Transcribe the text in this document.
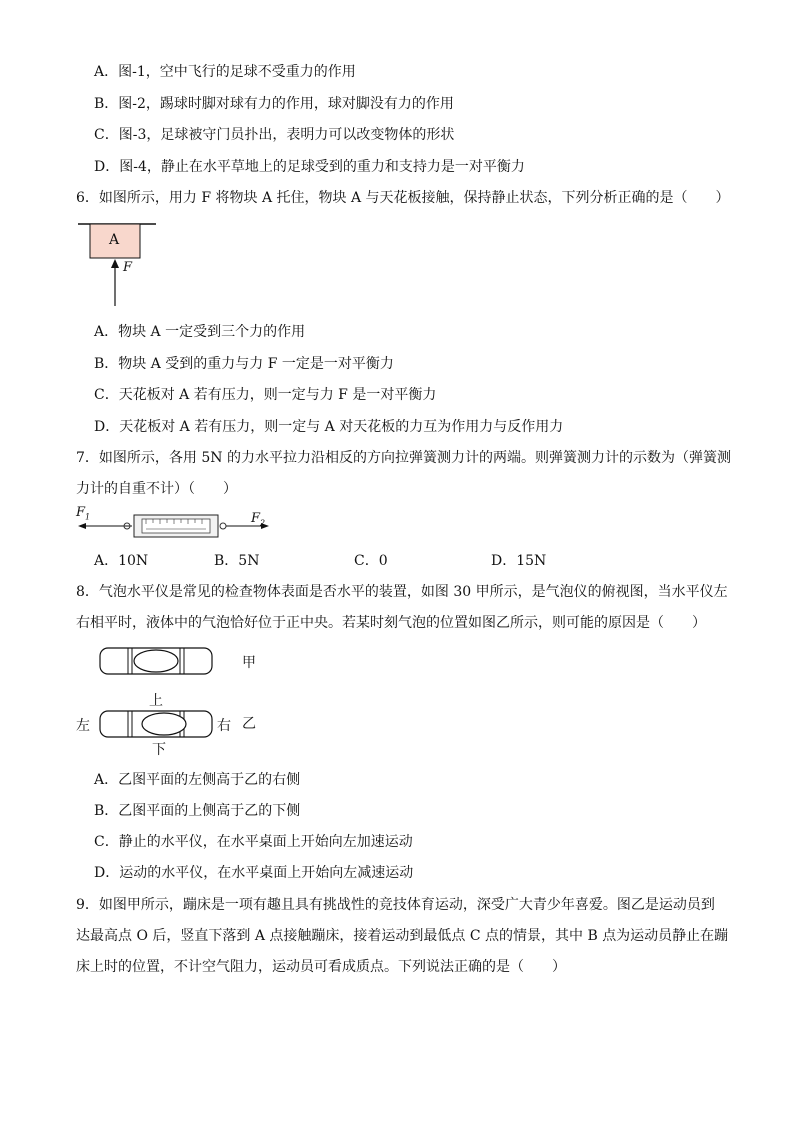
A．图-1，空中飞行的足球不受重力的作用
B．图-2，踢球时脚对球有力的作用，球对脚没有力的作用
C．图-3，足球被守门员扑出，表明力可以改变物体的形状
D．图-4，静止在水平草地上的足球受到的重力和支持力是一对平衡力
6．如图所示，用力 F 将物块 A 托住，物块 A 与天花板接触，保持静止状态，下列分析正确的是（　　）
A
F
A．物块 A 一定受到三个力的作用
B．物块 A 受到的重力与力 F 一定是一对平衡力
C．天花板对 A 若有压力，则一定与力 F 是一对平衡力
D．天花板对 A 若有压力，则一定与 A 对天花板的力互为作用力与反作用力
7．如图所示，各用 5N 的力水平拉力沿相反的方向拉弹簧测力计的两端。则弹簧测力计的示数为（弹簧测
力计的自重不计）（　　）
$F_1$	$F_2$
A．10N	B．5N	C．0	D．15N
8．气泡水平仪是常见的检查物体表面是否水平的装置，如图 30 甲所示，是气泡仪的俯视图，当水平仪左
右相平时，液体中的气泡恰好位于正中央。若某时刻气泡的位置如图乙所示，则可能的原因是（　　）
甲
上
左	右 乙
下
A．乙图平面的左侧高于乙的右侧
B．乙图平面的上侧高于乙的下侧
C．静止的水平仪，在水平桌面上开始向左加速运动
D．运动的水平仪，在水平桌面上开始向左减速运动
9．如图甲所示，蹦床是一项有趣且具有挑战性的竞技体育运动，深受广大青少年喜爱。图乙是运动员到
达最高点 O 后，竖直下落到 A 点接触蹦床，接着运动到最低点 C 点的情景，其中 B 点为运动员静止在蹦
床上时的位置，不计空气阻力，运动员可看成质点。下列说法正确的是（　　）
